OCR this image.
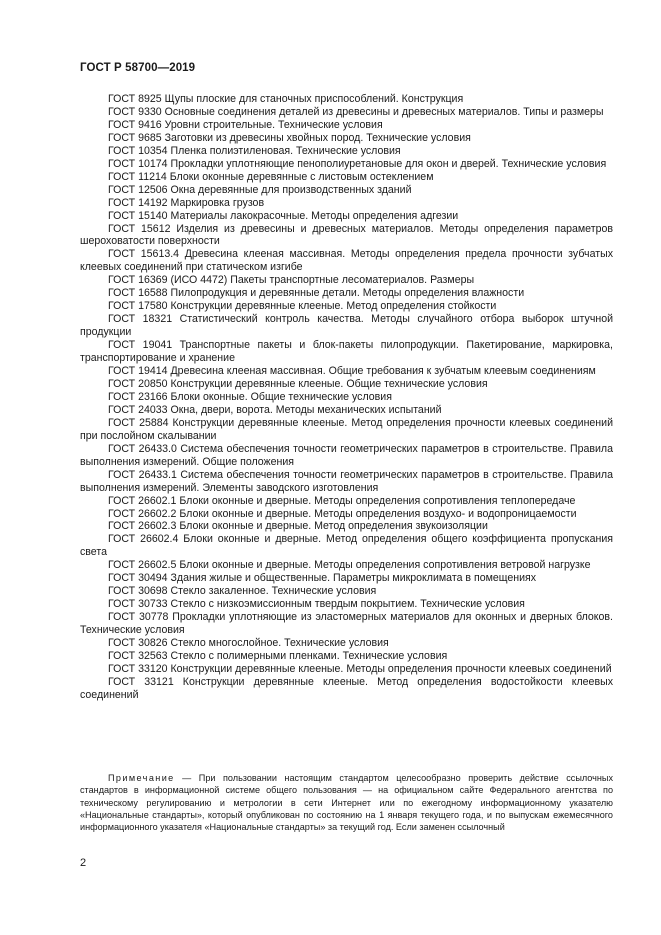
ГОСТ Р 58700—2019

ГОСТ 8925 Щупы плоские для станочных приспособлений. Конструкция

ГОСТ 9330 Основные соединения деталей из древесины и древесных материалов. Типы и размеры

ГОСТ 9416 Уровни строительные. Технические условия

ГОСТ 9685 Заготовки из древесины хвойных пород. Технические условия

ГОСТ 10354 Пленка полиэтиленовая. Технические условия

ГОСТ 10174 Прокладки уплотняющие пенополиуретановые для окон и дверей. Технические условия

ГОСТ 11214 Блоки оконные деревянные с листовым остеклением

ГОСТ 12506 Окна деревянные для производственных зданий

ГОСТ 14192 Маркировка грузов

ГОСТ 15140 Материалы лакокрасочные. Методы определения адгезии

ГОСТ 15612 Изделия из древесины и древесных материалов. Методы определения параметров шероховатости поверхности

ГОСТ 15613.4 Древесина клееная массивная. Методы определения предела прочности зубчатых клеевых соединений при статическом изгибе

ГОСТ 16369 (ИСО 4472) Пакеты транспортные лесоматериалов. Размеры

ГОСТ 16588 Пилопродукция и деревянные детали. Методы определения влажности

ГОСТ 17580 Конструкции деревянные клееные. Метод определения стойкости

ГОСТ 18321 Статистический контроль качества. Методы случайного отбора выборок штучной продукции

ГОСТ 19041 Транспортные пакеты и блок-пакеты пилопродукции. Пакетирование, маркировка, транспортирование и хранение

ГОСТ 19414 Древесина клееная массивная. Общие требования к зубчатым клеевым соединениям

ГОСТ 20850 Конструкции деревянные клееные. Общие технические условия

ГОСТ 23166 Блоки оконные. Общие технические условия

ГОСТ 24033 Окна, двери, ворота. Методы механических испытаний

ГОСТ 25884 Конструкции деревянные клееные. Метод определения прочности клеевых соединений при послойном скалывании

ГОСТ 26433.0 Система обеспечения точности геометрических параметров в строительстве. Правила выполнения измерений. Общие положения

ГОСТ 26433.1 Система обеспечения точности геометрических параметров в строительстве. Правила выполнения измерений. Элементы заводского изготовления

ГОСТ 26602.1 Блоки оконные и дверные. Методы определения сопротивления теплопередаче

ГОСТ 26602.2 Блоки оконные и дверные. Методы определения воздухо- и водопроницаемости

ГОСТ 26602.3 Блоки оконные и дверные. Метод определения звукоизоляции

ГОСТ 26602.4 Блоки оконные и дверные. Метод определения общего коэффициента пропускания света

ГОСТ 26602.5 Блоки оконные и дверные. Методы определения сопротивления ветровой нагрузке

ГОСТ 30494 Здания жилые и общественные. Параметры микроклимата в помещениях

ГОСТ 30698 Стекло закаленное. Технические условия

ГОСТ 30733 Стекло с низкоэмиссионным твердым покрытием. Технические условия

ГОСТ 30778 Прокладки уплотняющие из эластомерных материалов для оконных и дверных блоков. Технические условия

ГОСТ 30826 Стекло многослойное. Технические условия

ГОСТ 32563 Стекло с полимерными пленками. Технические условия

ГОСТ 33120 Конструкции деревянные клееные. Методы определения прочности клеевых соединений

ГОСТ 33121 Конструкции деревянные клееные. Метод определения водостойкости клеевых соединений

Примечание — При пользовании настоящим стандартом целесообразно проверить действие ссылочных стандартов в информационной системе общего пользования — на официальном сайте Федерального агентства по техническому регулированию и метрологии в сети Интернет или по ежегодному информационному указателю «Национальные стандарты», который опубликован по состоянию на 1 января текущего года, и по выпускам ежемесячного информационного указателя «Национальные стандарты» за текущий год. Если заменен ссылочный

2
